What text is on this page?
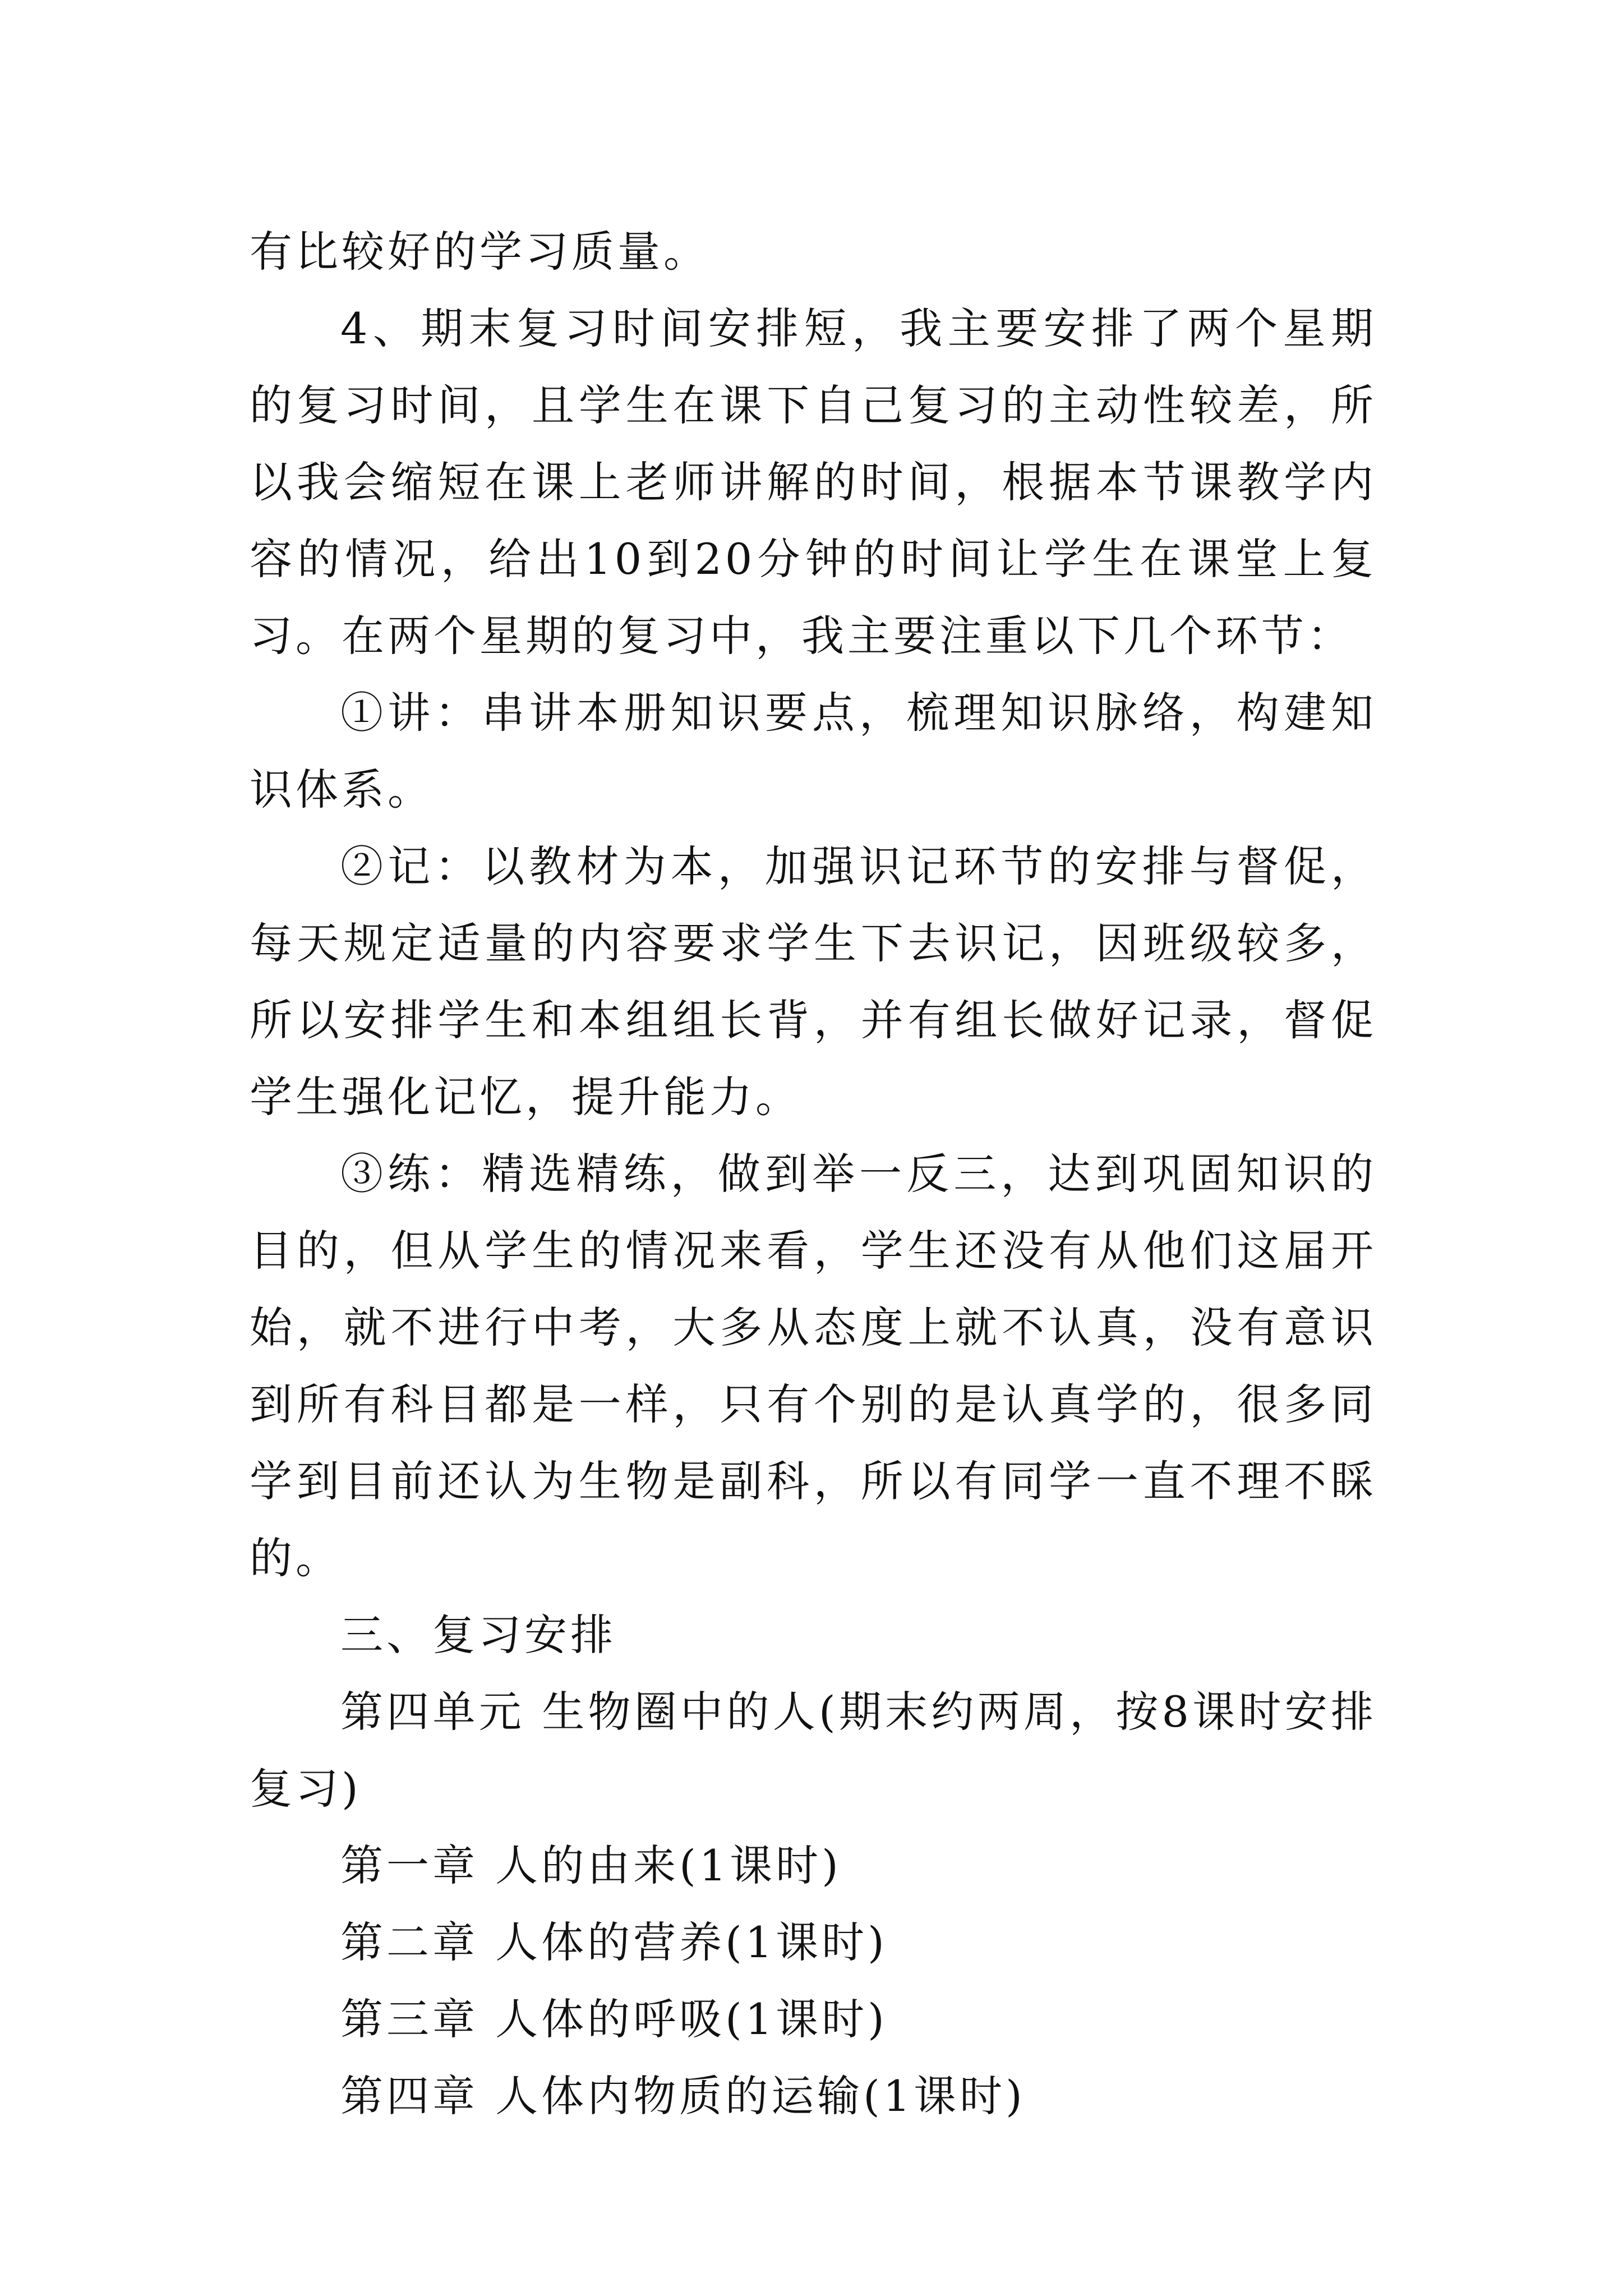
有比较好的学习质量。

4、期末复习时间安排短，我主要安排了两个星期的复习时间，且学生在课下自己复习的主动性较差，所以我会缩短在课上老师讲解的时间，根据本节课教学内容的情况，给出10到20分钟的时间让学生在课堂上复习。在两个星期的复习中，我主要注重以下几个环节：

①讲：串讲本册知识要点，梳理知识脉络，构建知识体系。

②记：以教材为本，加强识记环节的安排与督促，每天规定适量的内容要求学生下去识记，因班级较多，所以安排学生和本组组长背，并有组长做好记录，督促学生强化记忆，提升能力。

③练：精选精练，做到举一反三，达到巩固知识的目的，但从学生的情况来看，学生还没有从他们这届开始，就不进行中考，大多从态度上就不认真，没有意识到所有科目都是一样，只有个别的是认真学的，很多同学到目前还认为生物是副科，所以有同学一直不理不睬的。

三、复习安排

第四单元 生物圈中的人(期末约两周，按8课时安排复习)

第一章 人的由来(1课时)

第二章 人体的营养(1课时)

第三章 人体的呼吸(1课时)

第四章 人体内物质的运输(1课时)
